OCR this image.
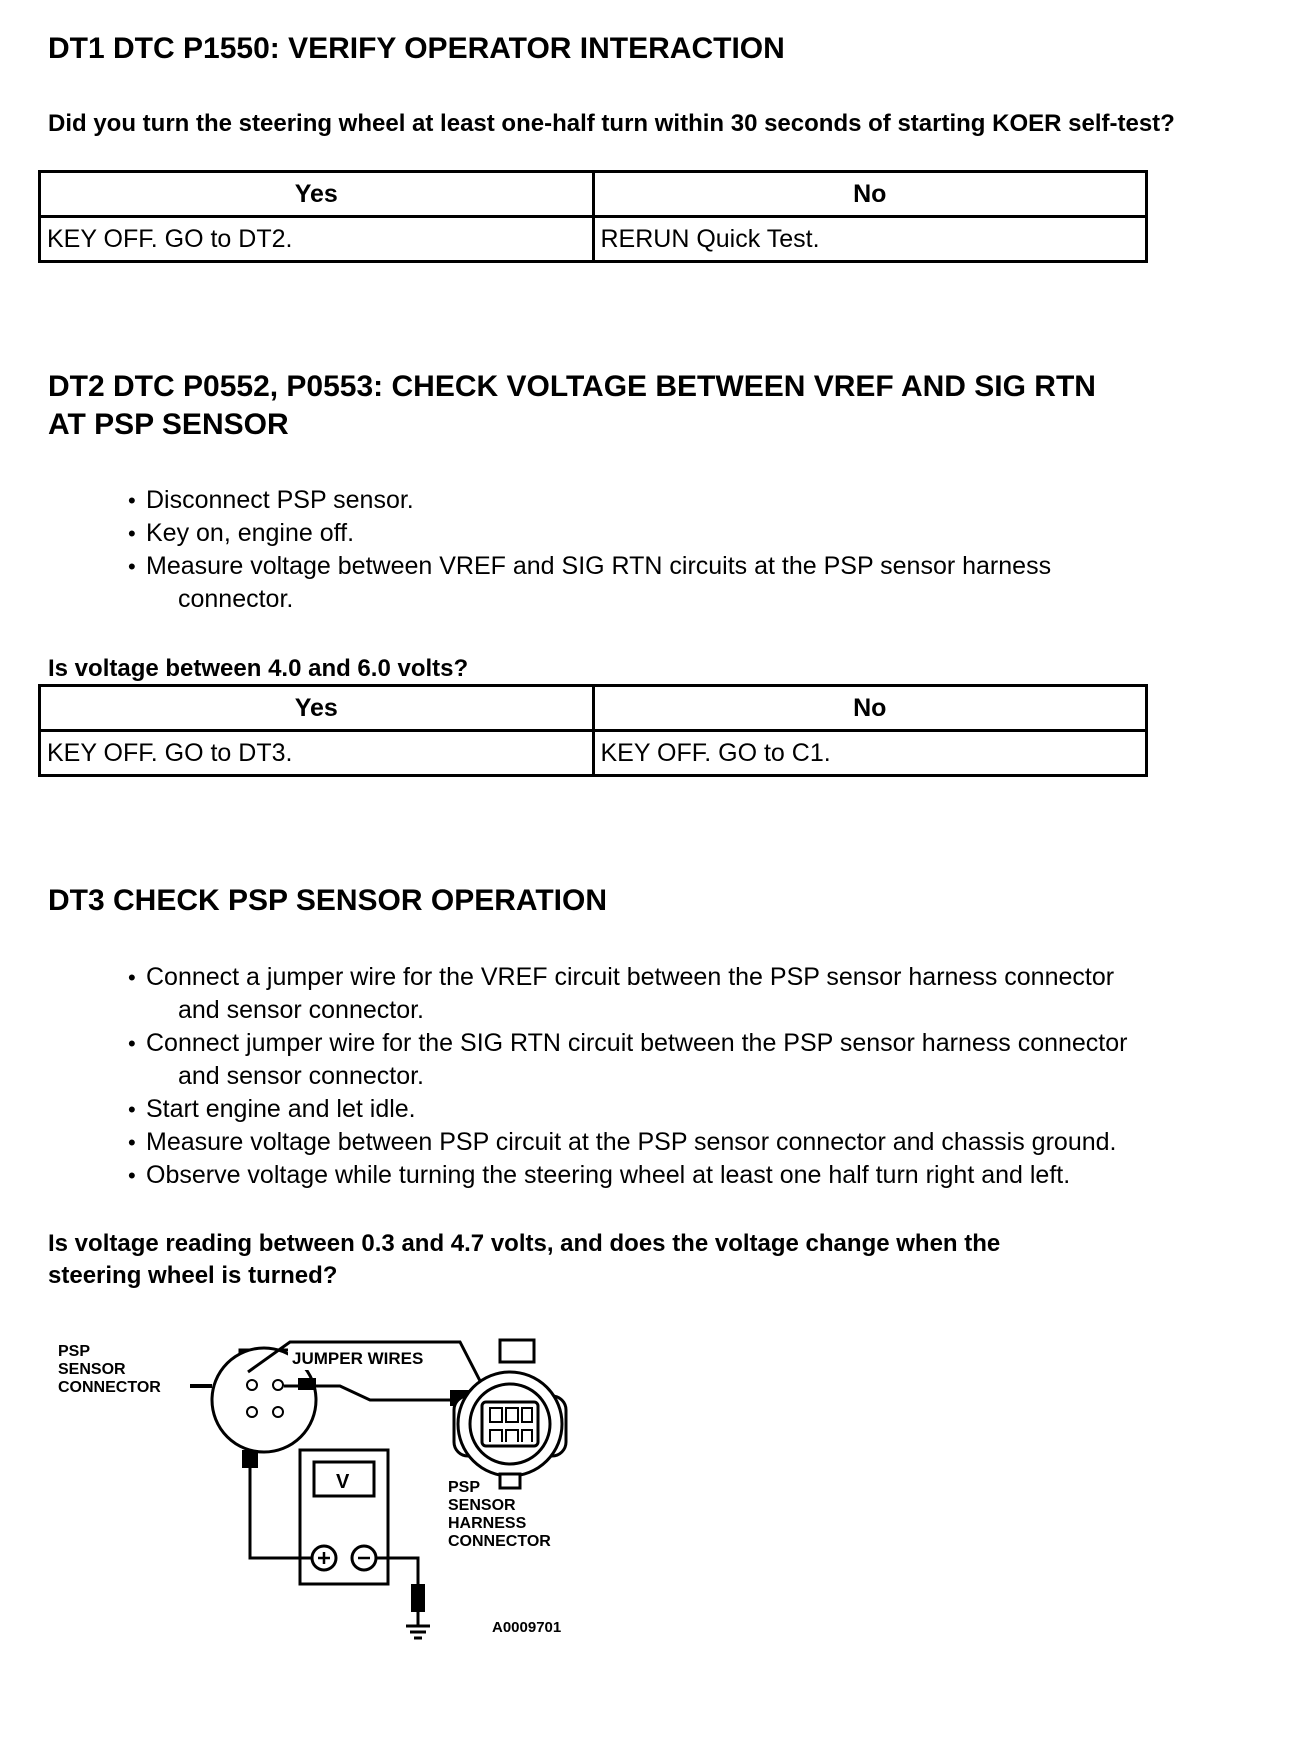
DT1 DTC P1550: VERIFY OPERATOR INTERACTION

Did you turn the steering wheel at least one-half turn within 30 seconds of starting KOER self-test?

Yes	No
KEY OFF. GO to DT2.	RERUN Quick Test.
DT2 DTC P0552, P0553: CHECK VOLTAGE BETWEEN VREF AND SIG RTN
AT PSP SENSOR
• Disconnect PSP sensor.
• Key on, engine off.
• Measure voltage between VREF and SIG RTN circuits at the PSP sensor harness
connector.

Is voltage between 4.0 and 6.0 volts?

Yes	No
KEY OFF. GO to DT3.	KEY OFF. GO to C1.
DT3 CHECK PSP SENSOR OPERATION
• Connect a jumper wire for the VREF circuit between the PSP sensor harness connector
and sensor connector.
• Connect jumper wire for the SIG RTN circuit between the PSP sensor harness connector
and sensor connector.
• Start engine and let idle.
• Measure voltage between PSP circuit at the PSP sensor connector and chassis ground.
• Observe voltage while turning the steering wheel at least one half turn right and left.

Is voltage reading between 0.3 and 4.7 volts, and does the voltage change when the

steering wheel is turned?

PSP
SENSOR
CONNECTOR
JUMPER WIRES
PSP
SENSOR
HARNESS
CONNECTOR
V
A0009701
